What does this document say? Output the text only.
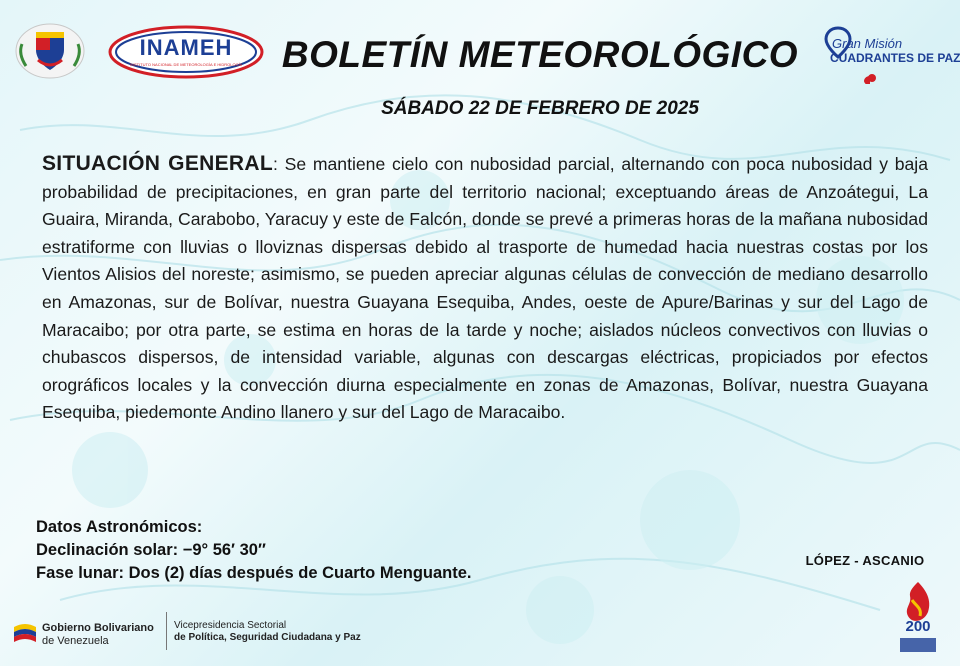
INAMEH
INSTITUTO NACIONAL DE METEOROLOGÍA E HIDROLOGÍA BOLETÍN METEOROLÓGICO	Gran Misión
CUADRANTES DE PAZ
SÁBADO 22 DE FEBRERO DE 2025
SITUACIÓN GENERAL: Se mantiene cielo con nubosidad parcial, alternando con poca nubosidad y baja probabilidad de precipitaciones, en gran parte del territorio nacional; exceptuando áreas de Anzoátegui, La Guaira, Miranda, Carabobo, Yaracuy y este de Falcón, donde se prevé a primeras horas de la mañana nubosidad estratiforme con lluvias o lloviznas dispersas debido al trasporte de humedad hacia nuestras costas por los Vientos Alisios del noreste; asimismo, se pueden apreciar algunas células de convección de mediano desarrollo en Amazonas, sur de Bolívar, nuestra Guayana Esequiba, Andes, oeste de Apure/Barinas y sur del Lago de Maracaibo; por otra parte, se estima en horas de la tarde y noche; aislados núcleos convectivos con lluvias o chubascos dispersos, de intensidad variable, algunas con descargas eléctricas, propiciados por efectos orográficos locales y la convección diurna especialmente en zonas de Amazonas, Bolívar, nuestra Guayana Esequiba, piedemonte Andino llanero y sur del Lago de Maracaibo.
Datos Astronómicos:
Declinación solar: −9° 56′ 30″
Fase lunar: Dos (2) días después de Cuarto Menguante.
LÓPEZ - ASCANIO
Gobierno Bolivariano
de Venezuela
Vicepresidencia Sectorial
de Política, Seguridad Ciudadana y Paz
200
